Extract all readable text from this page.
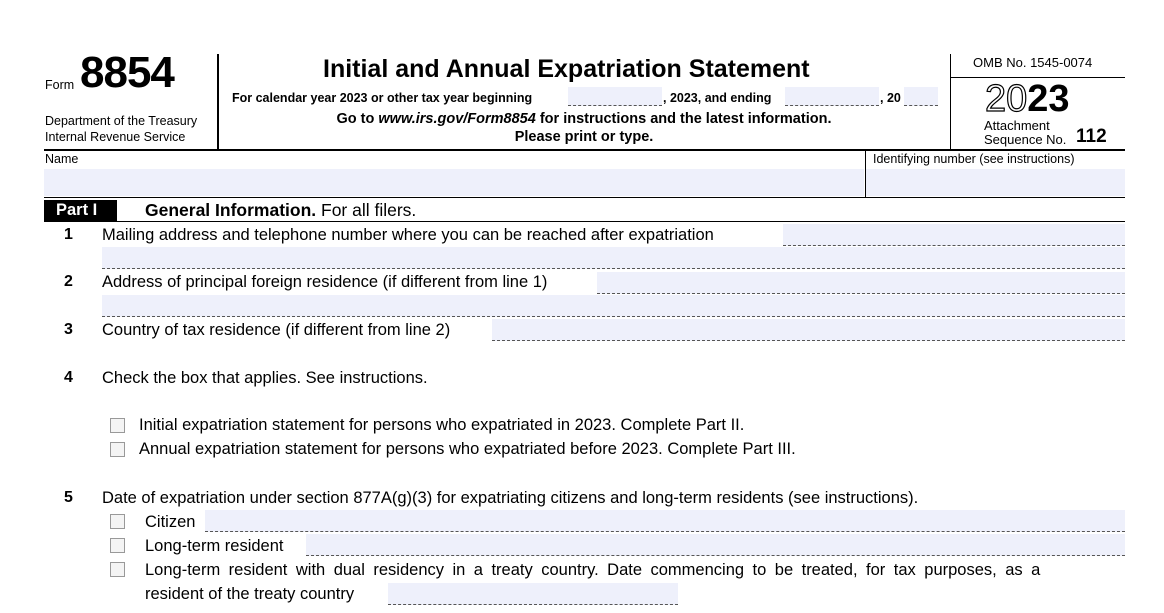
Form 8854
Department of the Treasury
Internal Revenue Service
Initial and Annual Expatriation Statement
For calendar year 2023 or other tax year beginning	, 2023, and ending	, 20
Go to www.irs.gov/Form8854 for instructions and the latest information.
Please print or type.
OMB No. 1545-0074
2023
Attachment
Sequence No. 112
Name	Identifying number (see instructions)
Part I	General Information. For all filers.
1 Mailing address and telephone number where you can be reached after expatriation
2 Address of principal foreign residence (if different from line 1)
3 Country of tax residence (if different from line 2)
4 Check the box that applies. See instructions.
Initial expatriation statement for persons who expatriated in 2023. Complete Part II.
Annual expatriation statement for persons who expatriated before 2023. Complete Part III.
5 Date of expatriation under section 877A(g)(3) for expatriating citizens and long-term residents (see instructions).
Citizen
Long-term resident
Long-term resident with dual residency in a treaty country. Date commencing to be treated, for tax purposes, as a
resident of the treaty country
